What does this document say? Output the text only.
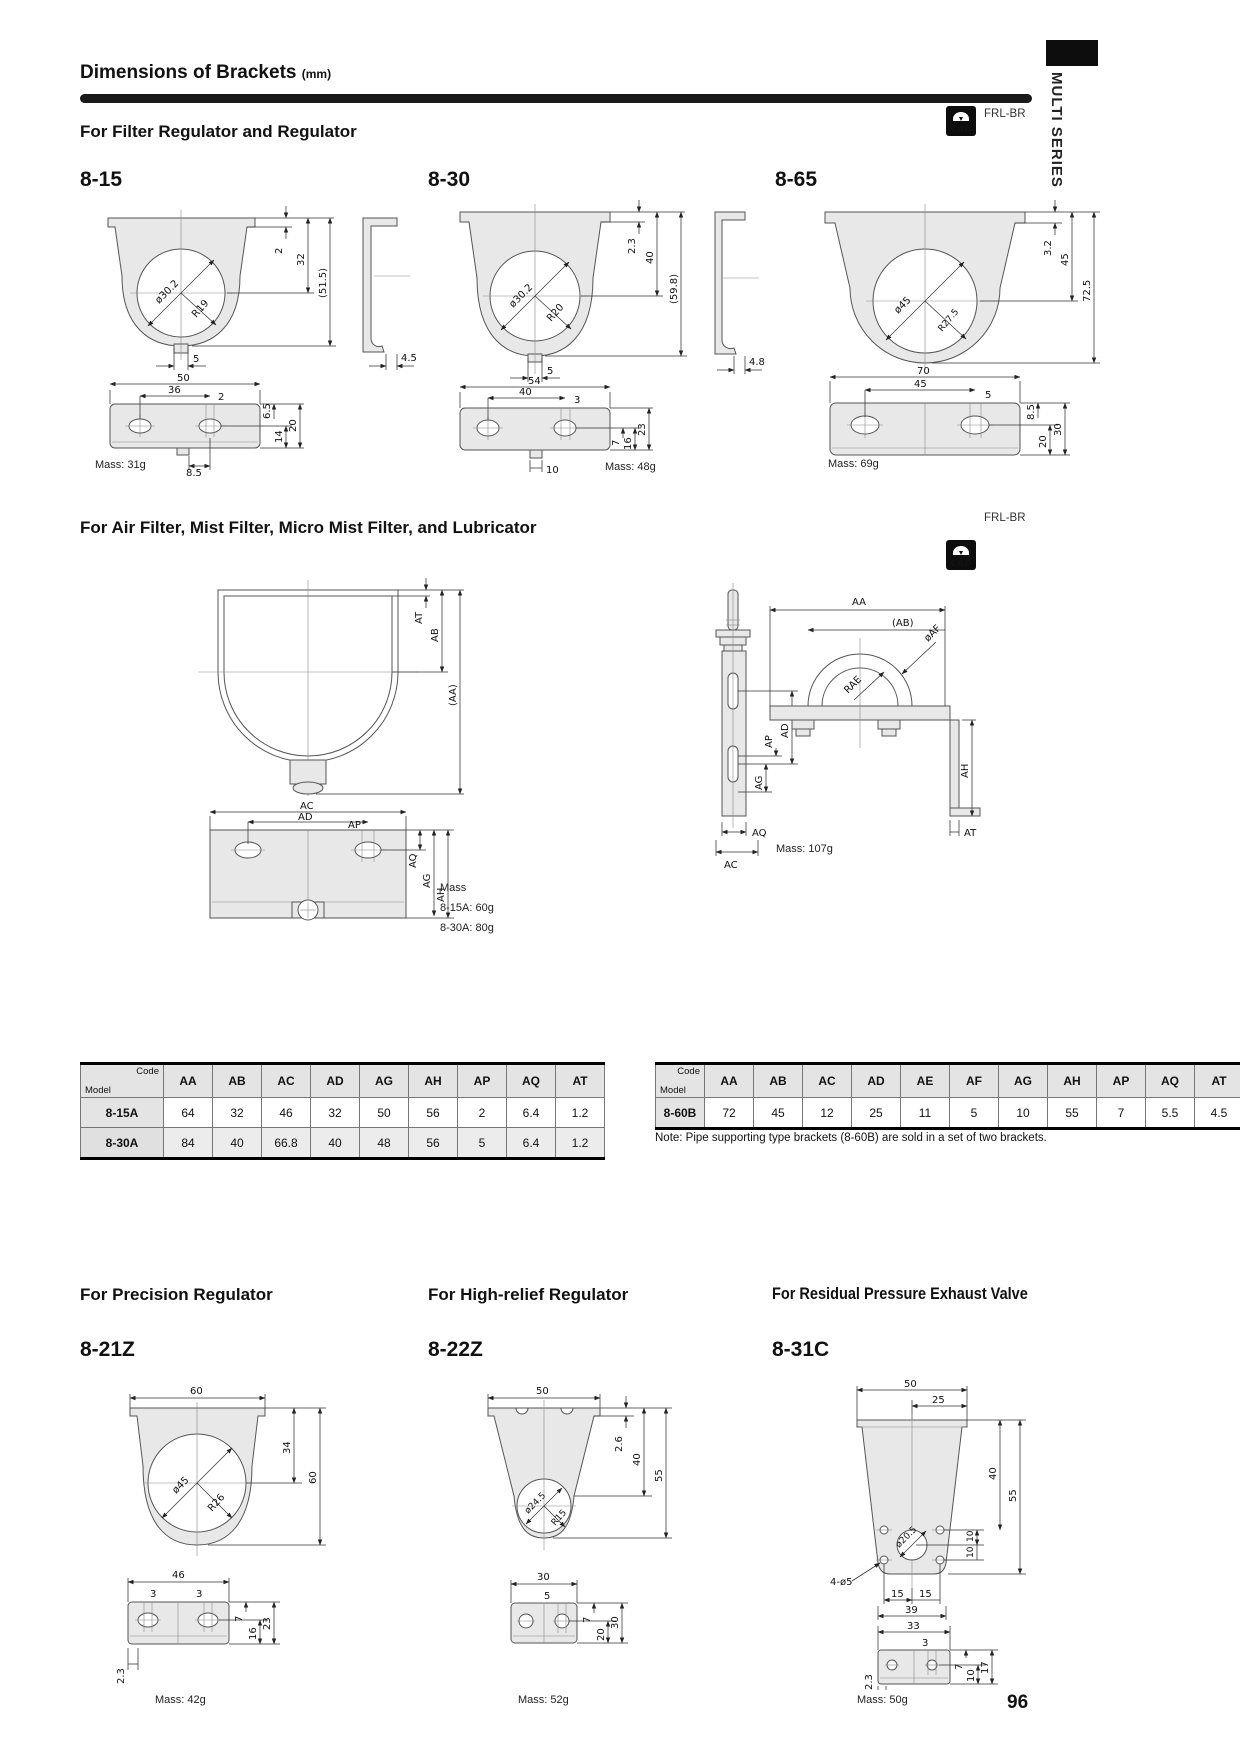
MULTI SERIES
96
Dimensions of Brackets (mm)
CAD
FRL-BR
For Filter Regulator and Regulator
8-15	8-30	8-65
ø30.2
R19
5
2
32
(51.5)
4.5
50
36
2
6.5
14
20
8.5
Mass: 31g
ø30.2
R20
5
2.3
40
(59.8)
4.8
54
40
3
7 16
23
10	Mass: 48g
ø45
R27.5
3.2
45
72.5
70
45
5
8.5
20
30
Mass: 69g
CAD
FRL-BR
For Air Filter, Mist Filter, Micro Mist Filter, and Lubricator
AT
AB
(AA)
AC
AD
AP
AQ
AG
AH
Mass
8-15A: 60g
8-30A: 80g
AP
AD
AG
AQ
AC
AA
(AB) øAF
RAE
AH
AT
Mass: 107g
Code
Model	AA	AB	AC	AD	AG	AH	AP	AQ	AT
8-15A	64	32	46	32	50	56	2	6.4	1.2
8-30A	84	40	66.8	40	48	56	5	6.4	1.2
Code
Model	AA	AB	AC	AD	AE	AF	AG	AH	AP	AQ	AT
8-60B	72	45	12	25	11	5	10	55	7	5.5	4.5
Note: Pipe supporting type brackets (8-60B) are sold in a set of two brackets.
For Precision Regulator	For High-relief Regulator	For Residual Pressure Exhaust Valve
8-21Z	8-22Z	8-31C
60
ø45
R26
34
60
46
3	3
7
16
23
2.3
Mass: 42g
50
ø24.5
R15
2.6
40
55
30
5
7
20
30
Mass: 52g
50
25
ø20.5
4-ø5
10
10
40
55
15 15
39
33
3
7
10
17
2.3
Mass: 50g
